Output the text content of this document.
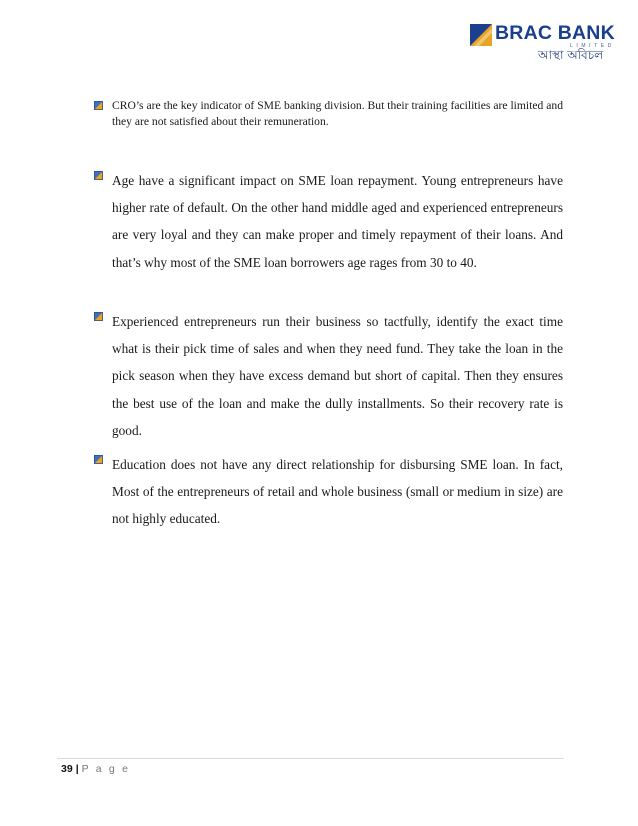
BRAC BANK
LIMITED
আস্থা অবিচল

CRO’s are the key indicator of SME banking division. But their training facilities are limited and they are not satisfied about their remuneration.

Age have a significant impact on SME loan repayment. Young entrepreneurs have higher rate of default. On the other hand middle aged and experienced entrepreneurs are very loyal and they can make proper and timely repayment of their loans. And that’s why most of the SME loan borrowers age rages from 30 to 40.

Experienced entrepreneurs run their business so tactfully, identify the exact time what is their pick time of sales and when they need fund. They take the loan in the pick season when they have excess demand but short of capital. Then they ensures the best use of the loan and make the dully installments. So their recovery rate is good.

Education does not have any direct relationship for disbursing SME loan. In fact, Most of the entrepreneurs of retail and whole business (small or medium in size) are not highly educated.

39 | P a g e
